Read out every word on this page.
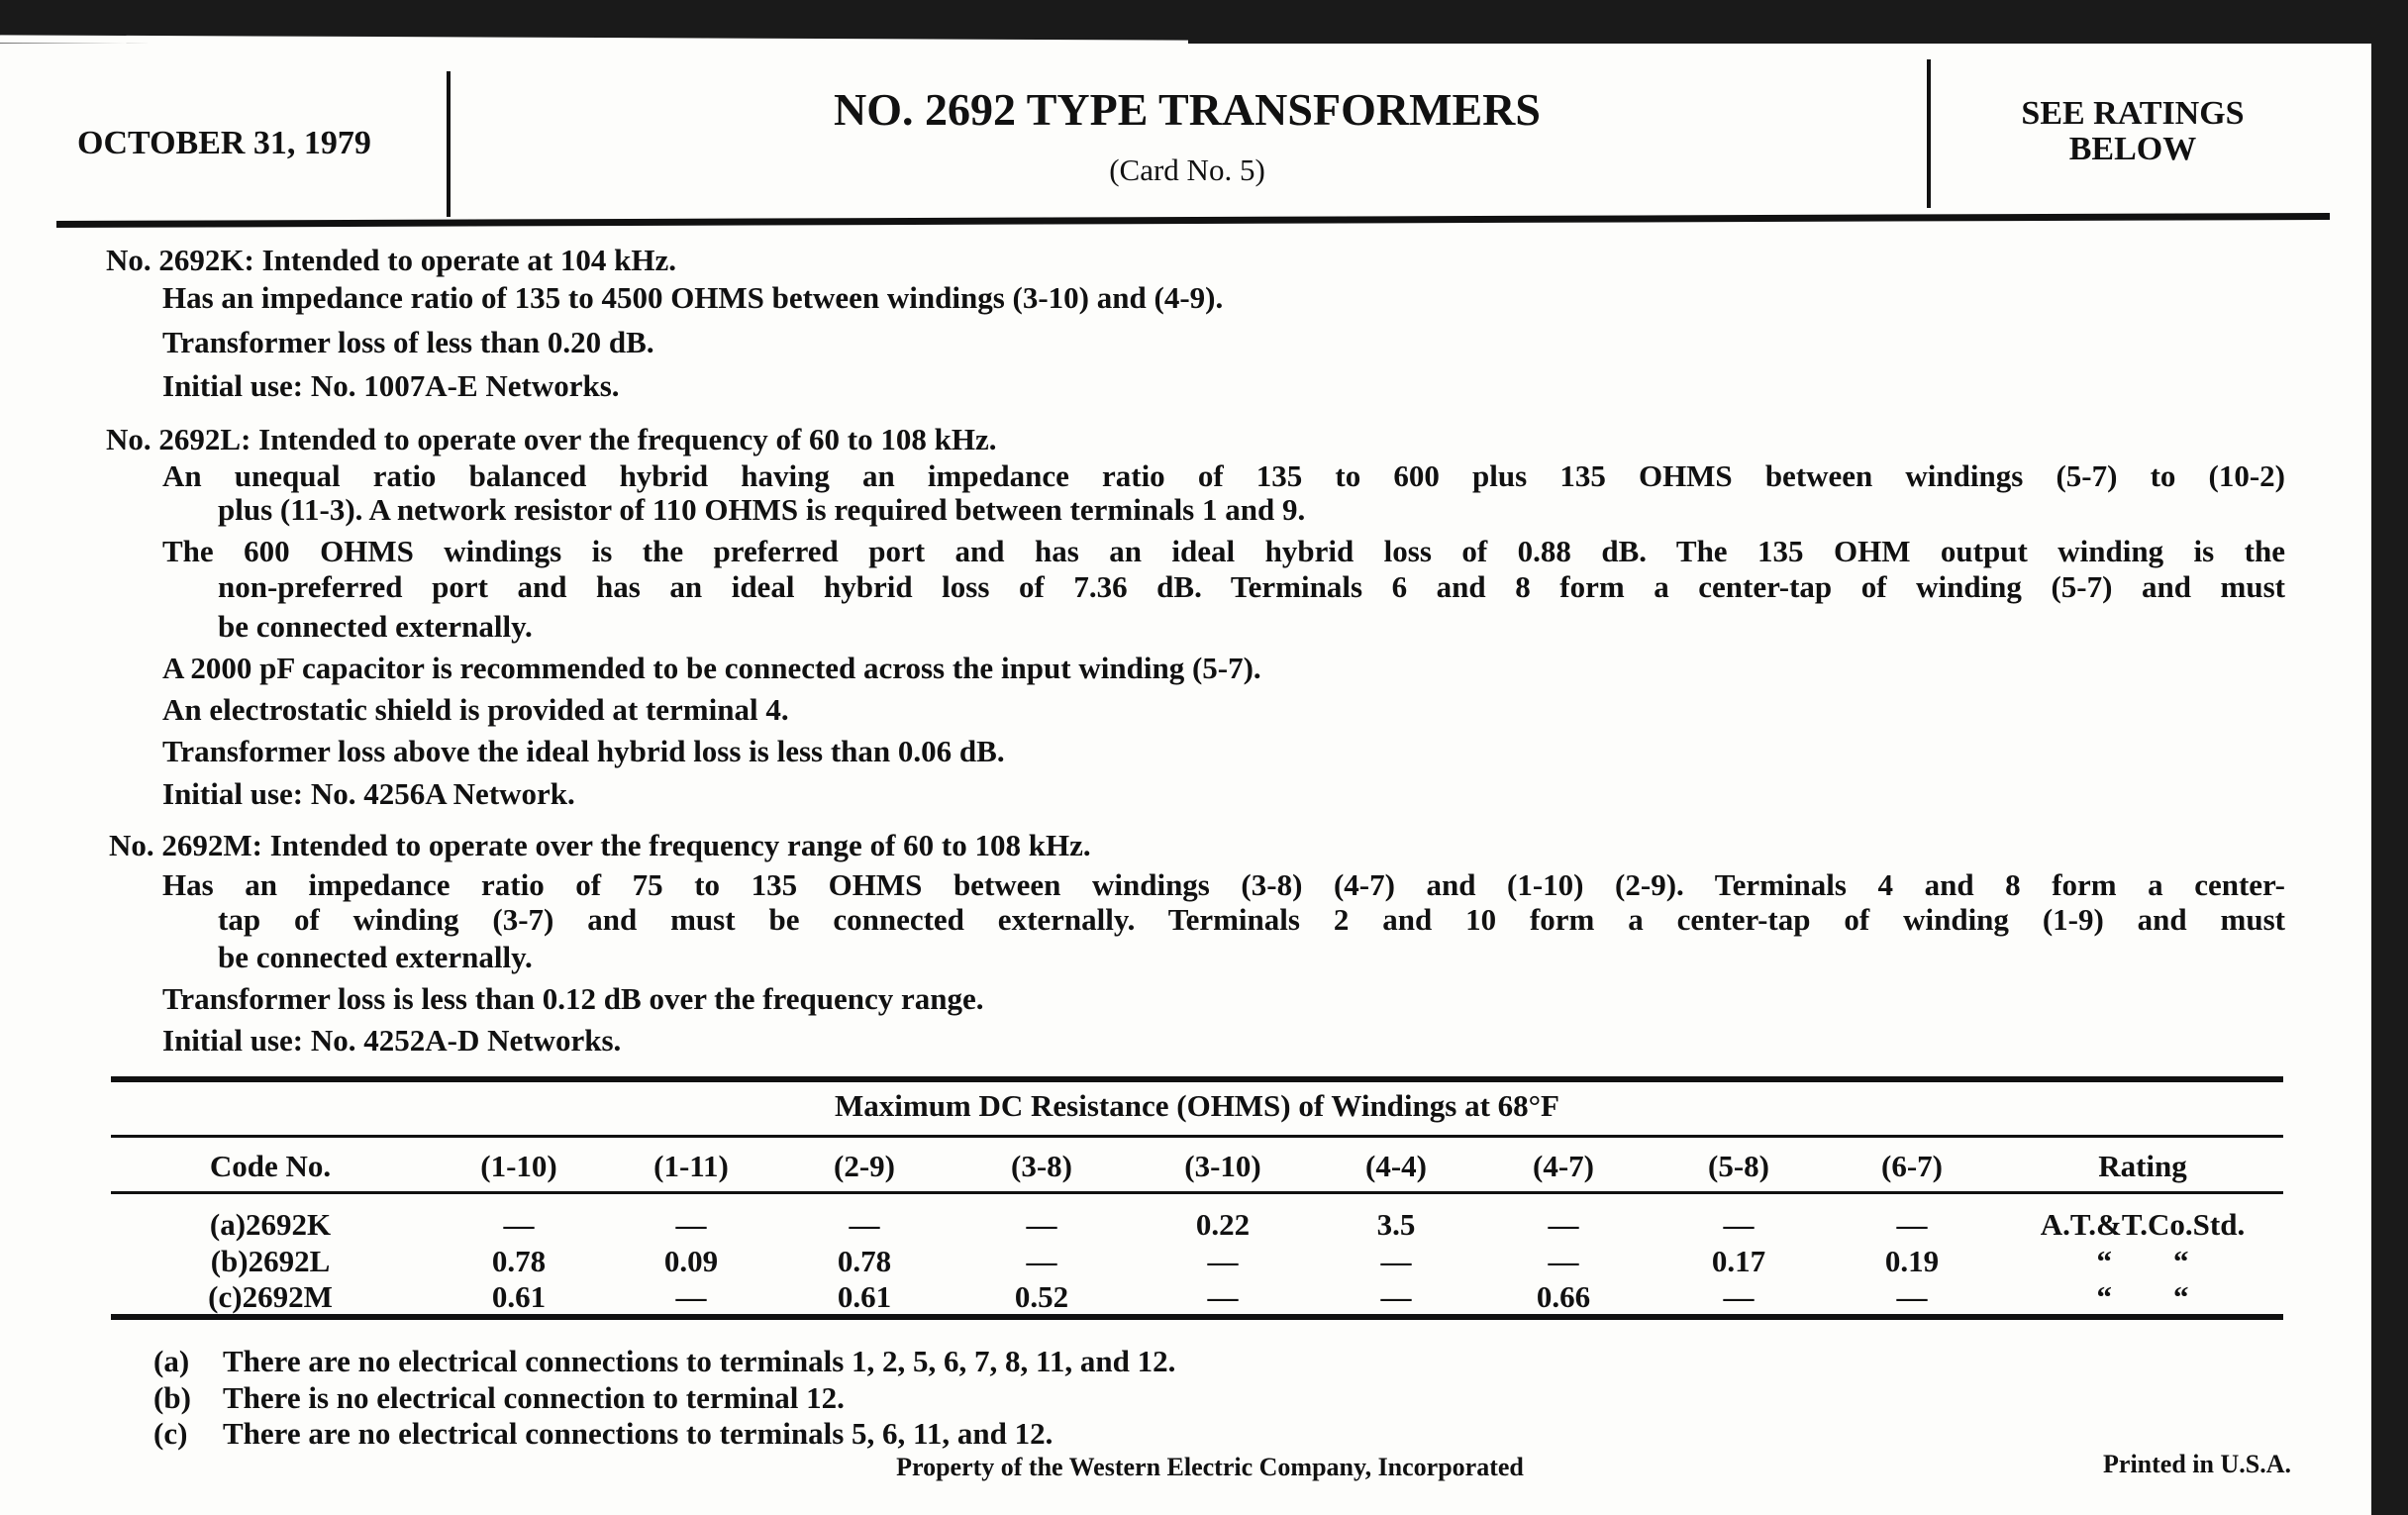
OCTOBER 31, 1979
NO. 2692 TYPE TRANSFORMERS
(Card No. 5)
SEE RATINGS
BELOW
No. 2692K: Intended to operate at 104 kHz.
Has an impedance ratio of 135 to 4500 OHMS between windings (3-10) and (4-9).
Transformer loss of less than 0.20 dB.
Initial use: No. 1007A-E Networks.
No. 2692L: Intended to operate over the frequency of 60 to 108 kHz.
An unequal ratio balanced hybrid having an impedance ratio of 135 to 600 plus 135 OHMS between windings (5-7) to (10-2)
plus (11-3). A network resistor of 110 OHMS is required between terminals 1 and 9.
The 600 OHMS windings is the preferred port and has an ideal hybrid loss of 0.88 dB. The 135 OHM output winding is the
non-preferred port and has an ideal hybrid loss of 7.36 dB. Terminals 6 and 8 form a center-tap of winding (5-7) and must
be connected externally.
A 2000 pF capacitor is recommended to be connected across the input winding (5-7).
An electrostatic shield is provided at terminal 4.
Transformer loss above the ideal hybrid loss is less than 0.06 dB.
Initial use: No. 4256A Network.
No. 2692M: Intended to operate over the frequency range of 60 to 108 kHz.
Has an impedance ratio of 75 to 135 OHMS between windings (3-8) (4-7) and (1-10) (2-9). Terminals 4 and 8 form a center-
tap of winding (3-7) and must be connected externally. Terminals 2 and 10 form a center-tap of winding (1-9) and must
be connected externally.
Transformer loss is less than 0.12 dB over the frequency range.
Initial use: No. 4252A-D Networks.
Maximum DC Resistance (OHMS) of Windings at 68°F
Code No.	(1-10)	(1-11)	(2-9)	(3-8)	(3-10)	(4-4)	(4-7)	(5-8)	(6-7)	Rating
(a)2692K	—	—	—	—	0.22	3.5	—	—	—	A.T.&T.Co.Std.
(b)2692L	0.78	0.09	0.78	—	—	—	—	0.17	0.19	“        “
(c)2692M	0.61	—	0.61	0.52	—	—	0.66	—	—	“        “
(a) There are no electrical connections to terminals 1, 2, 5, 6, 7, 8, 11, and 12.
(b) There is no electrical connection to terminal 12.
(c) There are no electrical connections to terminals 5, 6, 11, and 12.
Property of the Western Electric Company, Incorporated	Printed in U.S.A.
